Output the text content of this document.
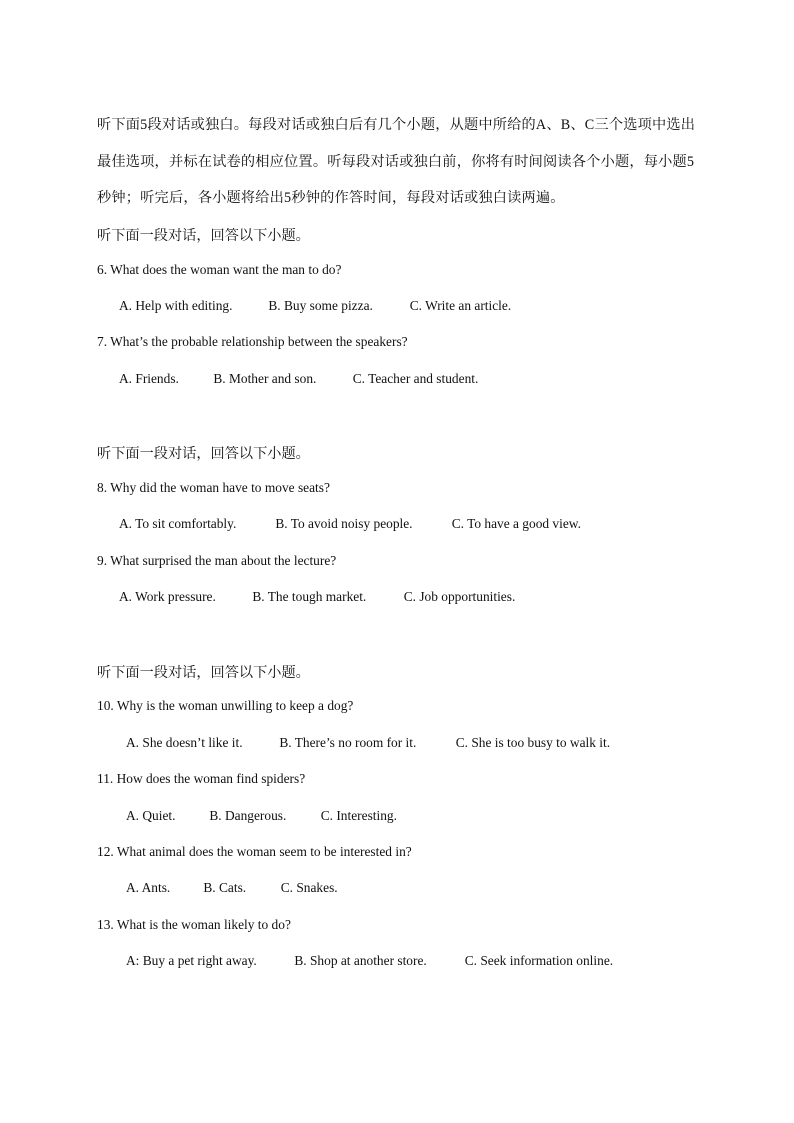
听下面5段对话或独白。每段对话或独白后有几个小题，从题中所给的A、B、C三个选项中选出最佳选项，并标在试卷的相应位置。听每段对话或独白前，你将有时间阅读各个小题，每小题5秒钟；听完后，各小题将给出5秒钟的作答时间，每段对话或独白读两遍。
听下面一段对话，回答以下小题。
6. What does the woman want the man to do?
A. Help with editing.	B. Buy some pizza.	C. Write an article.
7. What’s the probable relationship between the speakers?
A. Friends.	B. Mother and son.	C. Teacher and student.
听下面一段对话，回答以下小题。
8. Why did the woman have to move seats?
A. To sit comfortably.	B. To avoid noisy people.	C. To have a good view.
9. What surprised the man about the lecture?
A. Work pressure.	B. The tough market.	C. Job opportunities.
听下面一段对话，回答以下小题。
10. Why is the woman unwilling to keep a dog?
A. She doesn’t like it.	B. There’s no room for it.	C. She is too busy to walk it.
11. How does the woman find spiders?
A. Quiet.	B. Dangerous.	C. Interesting.
12. What animal does the woman seem to be interested in?
A. Ants. B. Cats.	C. Snakes.
13. What is the woman likely to do?
A: Buy a pet right away.	B. Shop at another store.	C. Seek information online.
